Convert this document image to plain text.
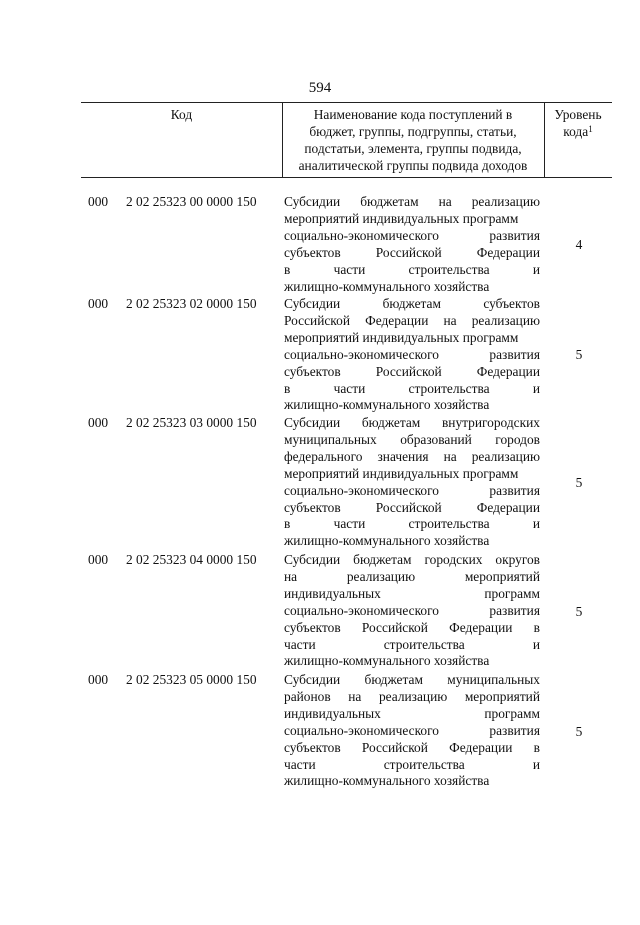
594
Код	Наименование кода поступлений в
бюджет, группы, подгруппы, статьи,
подстатьи, элемента, группы подвида,
аналитической группы подвида доходов
Уровень
кода$^1$
000 2 02 25323 00 0000 150 Субсидии бюджетам на реализацию
мероприятий индивидуальных программ
социально-экономического развития
субъектов Российской Федерации
в части строительства и
жилищно-коммунального хозяйства
4
000 2 02 25323 02 0000 150 Субсидии бюджетам субъектов
Российской Федерации на реализацию
мероприятий индивидуальных программ
социально-экономического развития
субъектов Российской Федерации
в части строительства и
жилищно-коммунального хозяйства
5
000 2 02 25323 03 0000 150 Субсидии бюджетам внутригородских
муниципальных образований городов
федерального значения на реализацию
мероприятий индивидуальных программ
социально-экономического развития
субъектов Российской Федерации
в части строительства и
жилищно-коммунального хозяйства
5
000 2 02 25323 04 0000 150 Субсидии бюджетам городских округов
на реализацию мероприятий
индивидуальных программ
социально-экономического развития
субъектов Российской Федерации в
части строительства и
жилищно-коммунального хозяйства
5
000 2 02 25323 05 0000 150 Субсидии бюджетам муниципальных
районов на реализацию мероприятий
индивидуальных программ
социально-экономического развития
субъектов Российской Федерации в
части строительства и
жилищно-коммунального хозяйства
5
